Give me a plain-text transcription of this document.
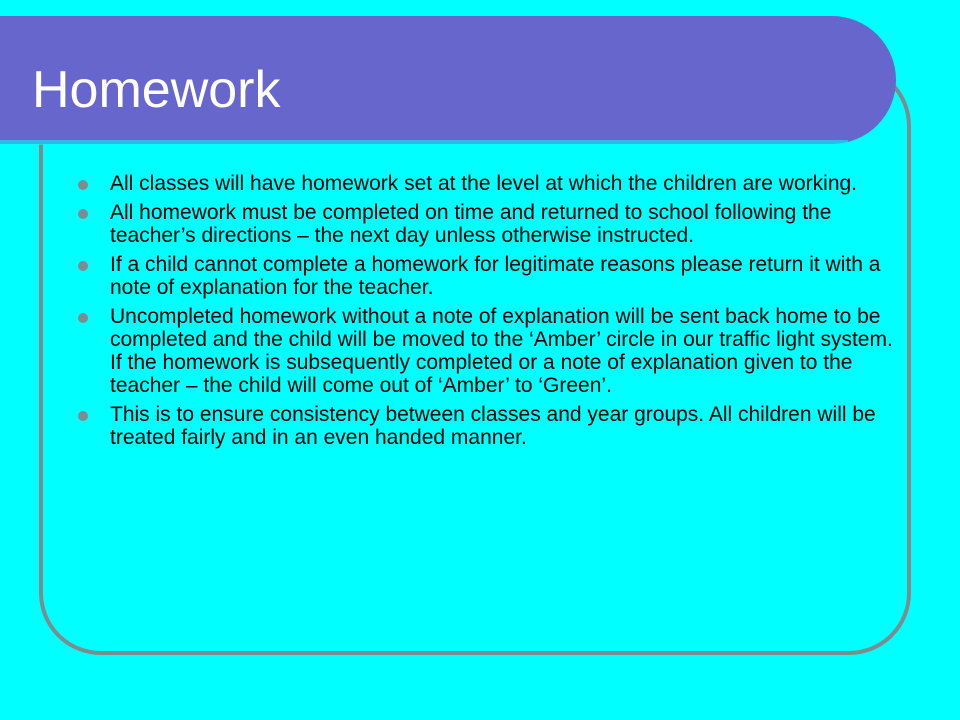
Homework
All classes will have homework set at the level at which the children are working.
All homework must be completed on time and returned to school following the teacher’s directions – the next day unless otherwise instructed.
If a child cannot complete a homework for legitimate reasons please return it with a note of explanation for the teacher.
Uncompleted homework without a note of explanation will be sent back home to be completed and the child will be moved to the ‘Amber’ circle in our traffic light system. If the homework is subsequently completed or a note of explanation given to the teacher – the child will come out of ‘Amber’ to ‘Green’.
This is to ensure consistency between classes and year groups. All children will be treated fairly and in an even handed manner.
